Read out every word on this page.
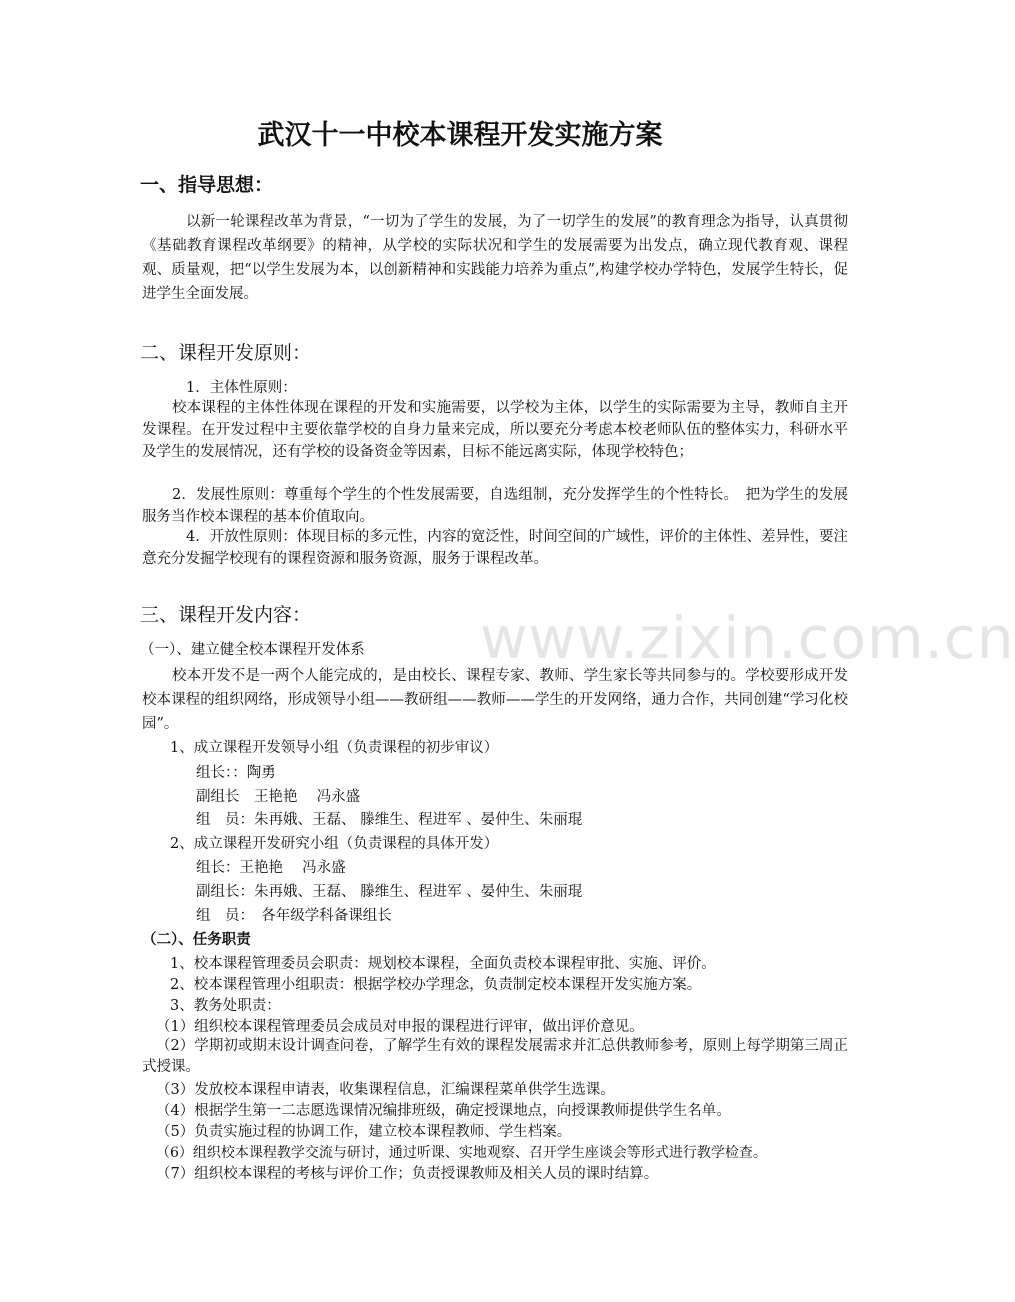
武汉十一中校本课程开发实施方案
一、指导思想：
以新一轮课程改革为背景，“一切为了学生的发展，为了一切学生的发展”的教育理念为指导，认真贯彻《基础教育课程改革纲要》的精神，从学校的实际状况和学生的发展需要为出发点，确立现代教育观、课程观、质量观，把“以学生发展为本，以创新精神和实践能力培养为重点”,构建学校办学特色，发展学生特长，促进学生全面发展。
二、课程开发原则：
1．主体性原则：
校本课程的主体性体现在课程的开发和实施需要，以学校为主体，以学生的实际需要为主导，教师自主开发课程。在开发过程中主要依靠学校的自身力量来完成，所以要充分考虑本校老师队伍的整体实力，科研水平及学生的发展情况，还有学校的设备资金等因素，目标不能远离实际，体现学校特色；
2．发展性原则：尊重每个学生的个性发展需要，自选组制，充分发挥学生的个性特长。　把为学生的发展服务当作校本课程的基本价值取向。
4．开放性原则：体现目标的多元性，内容的宽泛性，时间空间的广域性，评价的主体性、差异性，要注意充分发掘学校现有的课程资源和服务资源，服务于课程改革。
三、课程开发内容：
（一）、建立健全校本课程开发体系
校本开发不是一两个人能完成的，是由校长、课程专家、教师、学生家长等共同参与的。学校要形成开发校本课程的组织网络，形成领导小组——教研组——教师——学生的开发网络，通力合作，共同创建“学习化校园”。
1、成立课程开发领导小组（负责课程的初步审议）
组长：：陶勇
副组长　王艳艳　 冯永盛
组　员：朱再娥、王磊、 滕维生、程进军 、晏仲生、朱丽琨
2、成立课程开发研究小组（负责课程的具体开发）
组长：王艳艳　 冯永盛
副组长：朱再娥、王磊、 滕维生、程进军 、晏仲生、朱丽琨
组　员：　各年级学科备课组长
（二）、任务职责
1、校本课程管理委员会职责：规划校本课程，全面负责校本课程审批、实施、评价。
2、校本课程管理小组职责：根据学校办学理念，负责制定校本课程开发实施方案。
3、教务处职责：
（1）组织校本课程管理委员会成员对申报的课程进行评审，做出评价意见。
（2）学期初或期末设计调查问卷，了解学生有效的课程发展需求并汇总供教师参考，原则上每学期第三周正式授课。
（3）发放校本课程申请表，收集课程信息，汇编课程菜单供学生选课。
（4）根据学生第一二志愿选课情况编排班级，确定授课地点，向授课教师提供学生名单。
（5）负责实施过程的协调工作，建立校本课程教师、学生档案。
（6）组织校本课程教学交流与研讨，通过听课、实地观察、召开学生座谈会等形式进行教学检查。
（7）组织校本课程的考核与评价工作；负责授课教师及相关人员的课时结算。
www.zixin.com.cn
